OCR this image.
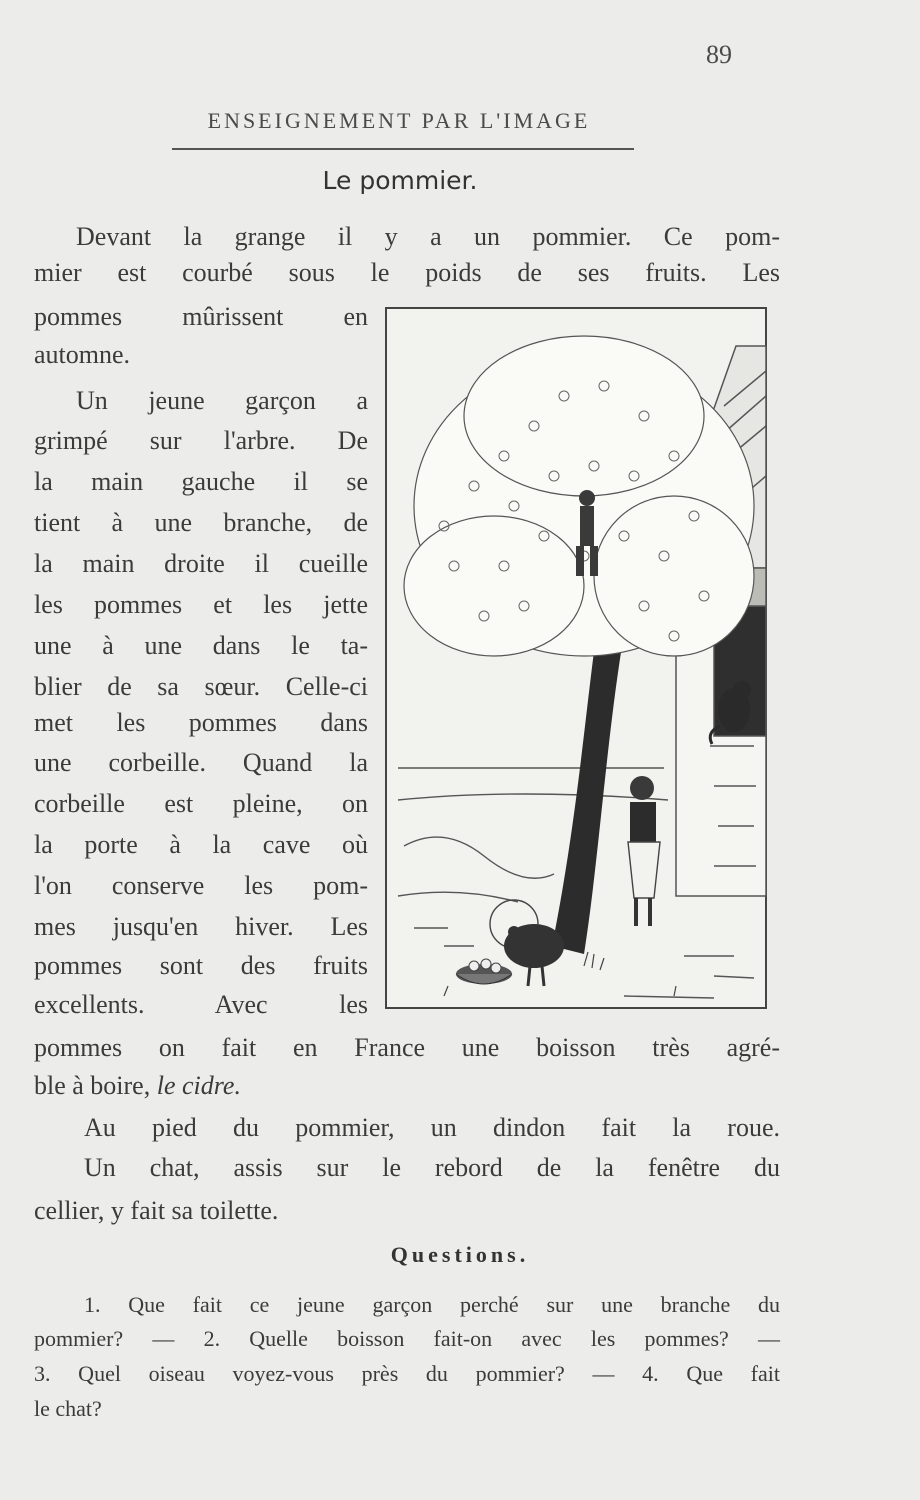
89
ENSEIGNEMENT PAR L'IMAGE
Le pommier.
Devant la grange il y a un pommier. Ce pom-
mier est courbé sous le poids de ses fruits. Les
pommes mûrissent en
automne.
Un jeune garçon a
grimpé sur l'arbre. De
la main gauche il se
tient à une branche, de
la main droite il cueille
les pommes et les jette
une à une dans le ta-
blier de sa sœur. Celle-ci
met les pommes dans
une corbeille. Quand la
corbeille est pleine, on
la porte à la cave où
l'on conserve les pom-
mes jusqu'en hiver. Les
pommes sont des fruits
excellents. Avec les
pommes on fait en France une boisson très agré-
ble à boire, le cidre.
Au pied du pommier, un dindon fait la roue.
Un chat, assis sur le rebord de la fenêtre du
cellier, y fait sa toilette.
Questions.
1. Que fait ce jeune garçon perché sur une branche du
pommier? — 2. Quelle boisson fait-on avec les pommes? —
3. Quel oiseau voyez-vous près du pommier? — 4. Que fait
le chat?
